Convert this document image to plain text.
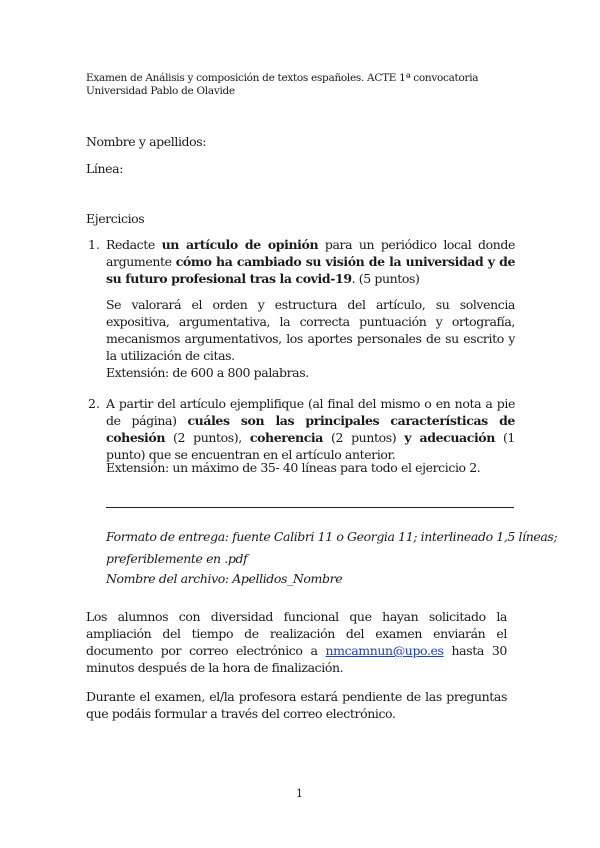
Examen de Análisis y composición de textos españoles. ACTE 1ª convocatoria
Universidad Pablo de Olavide
Nombre y apellidos:
Línea:
Ejercicios
1. Redacte un artículo de opinión para un periódico local donde argumente cómo ha cambiado su visión de la universidad y de su futuro profesional tras la covid-19. (5 puntos)
Se valorará el orden y estructura del artículo, su solvencia expositiva, argumentativa, la correcta puntuación y ortografía, mecanismos argumentativos, los aportes personales de su escrito y la utilización de citas.
Extensión: de 600 a 800 palabras.
2. A partir del artículo ejemplifique (al final del mismo o en nota a pie de página) cuáles son las principales características de cohesión (2 puntos), coherencia (2 puntos) y adecuación (1 punto) que se encuentran en el artículo anterior.
Extensión: un máximo de 35- 40 líneas para todo el ejercicio 2.
Formato de entrega: fuente Calibri 11 o Georgia 11; interlineado 1,5 líneas;
preferiblemente en .pdf
Nombre del archivo: Apellidos_Nombre
Los alumnos con diversidad funcional que hayan solicitado la ampliación del tiempo de realización del examen enviarán el documento por correo electrónico a nmcamnun@upo.es hasta 30 minutos después de la hora de finalización.
Durante el examen, el/la profesora estará pendiente de las preguntas que podáis formular a través del correo electrónico.
1
